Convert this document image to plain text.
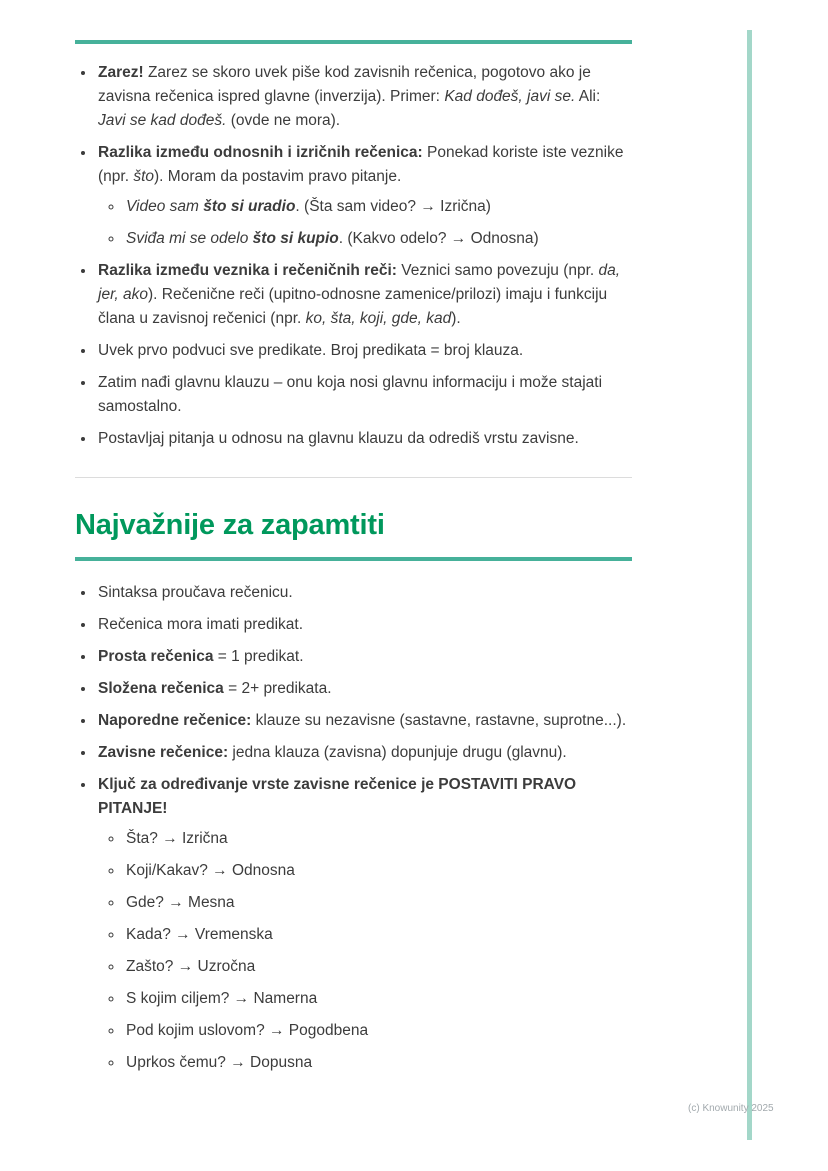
• Zarez! Zarez se skoro uvek piše kod zavisnih rečenica, pogotovo ako je zavisna rečenica ispred glavne (inverzija). Primer: Kad dođeš, javi se. Ali: Javi se kad dođeš. (ovde ne mora).
• Razlika između odnosnih i izričnih rečenica: Ponekad koriste iste veznike (npr. što). Moram da postavim pravo pitanje.
◦ Video sam što si uradio. (Šta sam video? → Izrična)
◦ Sviđa mi se odelo što si kupio. (Kakvo odelo? → Odnosna)
• Razlika između veznika i rečeničnih reči: Veznici samo povezuju (npr. da, jer, ako). Rečenične reči (upitno-odnosne zamenice/prilozi) imaju i funkciju člana u zavisnoj rečenici (npr. ko, šta, koji, gde, kad).
• Uvek prvo podvuci sve predikate. Broj predikata = broj klauza.
• Zatim nađi glavnu klauzu – onu koja nosi glavnu informaciju i može stajati samostalno.
• Postavljaj pitanja u odnosu na glavnu klauzu da odrediš vrstu zavisne.
Najvažnije za zapamtiti
• Sintaksa proučava rečenicu.
• Rečenica mora imati predikat.
• Prosta rečenica = 1 predikat.
• Složena rečenica = 2+ predikata.
• Naporedne rečenice: klauze su nezavisne (sastavne, rastavne, suprotne...).
• Zavisne rečenice: jedna klauza (zavisna) dopunjuje drugu (glavnu).
• Ključ za određivanje vrste zavisne rečenice je POSTAVITI PRAVO PITANJE!
◦ Šta? → Izrična
◦ Koji/Kakav? → Odnosna
◦ Gde? → Mesna
◦ Kada? → Vremenska
◦ Zašto? → Uzročna
◦ S kojim ciljem? → Namerna
◦ Pod kojim uslovom? → Pogodbena
◦ Uprkos čemu? → Dopusna
(c) Knowunity 2025
